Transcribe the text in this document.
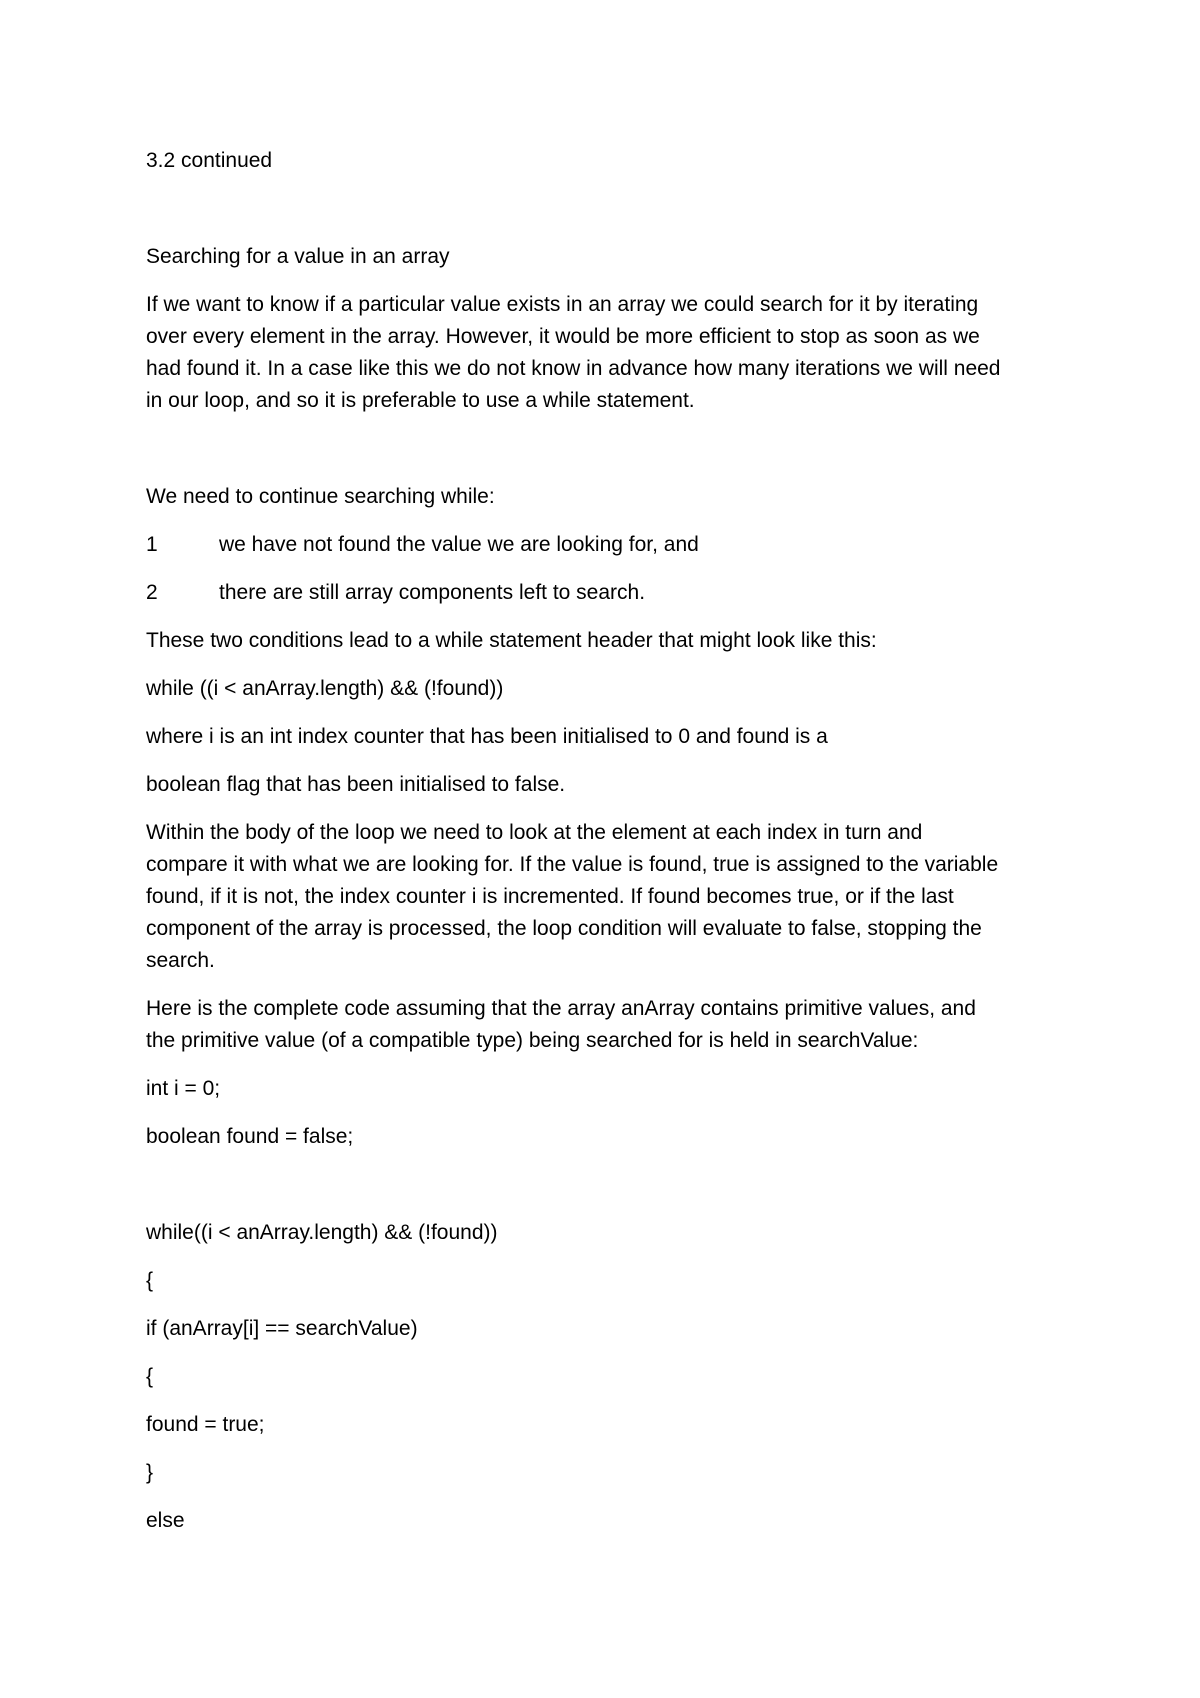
3.2 continued

Searching for a value in an array

If we want to know if a particular value exists in an array we could search for it by iterating

over every element in the array. However, it would be more efficient to stop as soon as we

had found it. In a case like this we do not know in advance how many iterations we will need

in our loop, and so it is preferable to use a while statement.

We need to continue searching while:

1	we have not found the value we are looking for, and

2	there are still array components left to search.

These two conditions lead to a while statement header that might look like this:

while ((i < anArray.length) && (!found))

where i is an int index counter that has been initialised to 0 and found is a

boolean flag that has been initialised to false.

Within the body of the loop we need to look at the element at each index in turn and

compare it with what we are looking for. If the value is found, true is assigned to the variable

found, if it is not, the index counter i is incremented. If found becomes true, or if the last

component of the array is processed, the loop condition will evaluate to false, stopping the

search.

Here is the complete code assuming that the array anArray contains primitive values, and

the primitive value (of a compatible type) being searched for is held in searchValue:

int i = 0;

boolean found = false;

while((i < anArray.length) && (!found))

{

if (anArray[i] == searchValue)

{

found = true;

}

else
